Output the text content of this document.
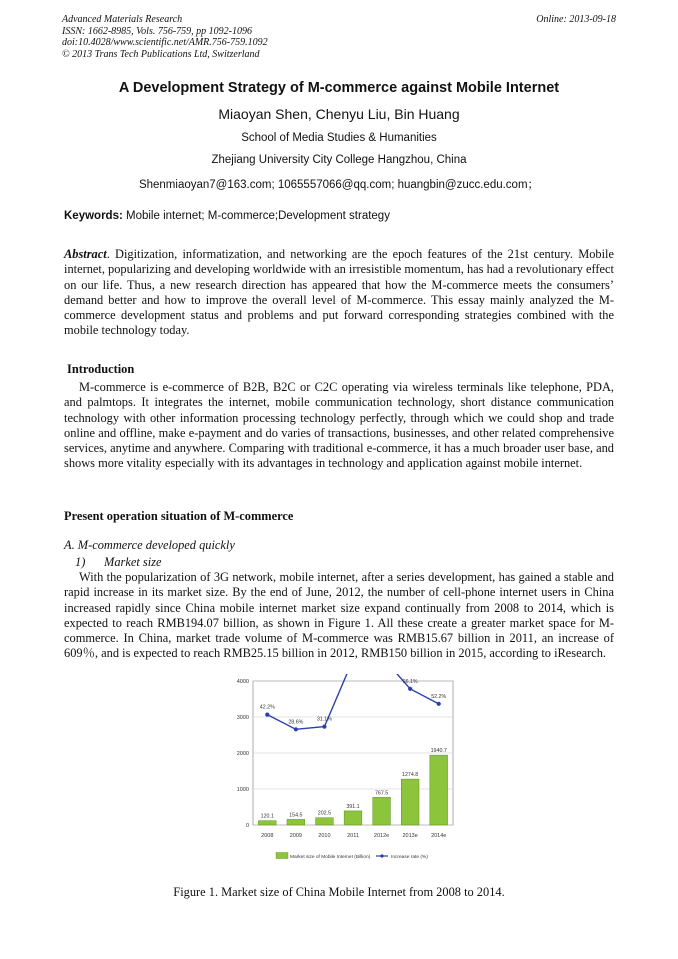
Advanced Materials Research
ISSN: 1662-8985, Vols. 756-759, pp 1092-1096
doi:10.4028/www.scientific.net/AMR.756-759.1092
© 2013 Trans Tech Publications Ltd, Switzerland
Online: 2013-09-18
A Development Strategy of M-commerce against Mobile Internet
Miaoyan Shen, Chenyu Liu, Bin Huang
School of Media Studies & Humanities
Zhejiang University City College Hangzhou, China
Shenmiaoyan7@163.com; 1065557066@qq.com; huangbin@zucc.edu.com；
Keywords: Mobile internet; M-commerce;Development strategy
Abstract. Digitization, informatization, and networking are the epoch features of the 21st century. Mobile internet, popularizing and developing worldwide with an irresistible momentum, has had a revolutionary effect on our life. Thus, a new research direction has appeared that how the M-commerce meets the consumers’ demand better and how to improve the overall level of M-commerce. This essay mainly analyzed the M-commerce development status and problems and put forward corresponding strategies combined with the mobile technology today.
Introduction
M-commerce is e-commerce of B2B, B2C or C2C operating via wireless terminals like telephone, PDA, and palmtops. It integrates the internet, mobile communication technology, short distance communication technology with other information processing technology perfectly, through which we could shop and trade online and offline, make e-payment and do varies of transactions, businesses, and other related comprehensive services, anytime and anywhere. Comparing with traditional e-commerce, it has a much broader user base, and shows more vitality especially with its advantages in technology and application against mobile internet.
Present operation situation of M-commerce
A. M-commerce developed quickly
1) Market size
With the popularization of 3G network, mobile internet, after a series development, has gained a stable and rapid increase in its market size. By the end of June, 2012, the number of cell-phone internet users in China increased rapidly since China mobile internet market size expand continually from 2008 to 2014, which is expected to reach RMB194.07 billion, as shown in Figure 1. All these create a greater market space for M-commerce. In China, market trade volume of M-commerce was RMB15.67 billion in 2011, an increase of 609％, and is expected to reach RMB25.15 billion in 2012, RMB150 billion in 2015, according to iResearch.
0
1000
2000
3000
4000
2008	2009	2010	2011	2012e 2013e 2014e
120.1	154.5	202.5
391.1
767.5
1274.8
1940.7
42.2%
28.6%	31.1%
66.1%
52.2%
Market size of Mobile Internet (Billion)	Increase rate (%)
Figure 1. Market size of China Mobile Internet from 2008 to 2014.
